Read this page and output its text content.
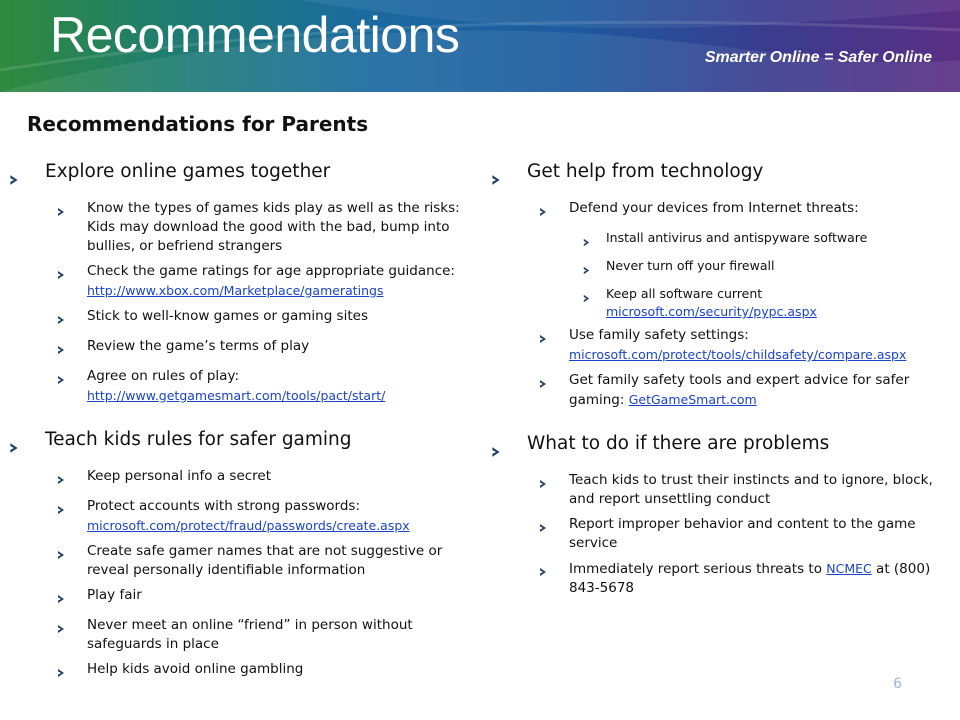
Recommendations	Smarter Online = Safer Online
Recommendations for Parents
Explore online games together
Know the types of games kids play as well as the risks: Kids may download the good with the bad, bump into bullies, or befriend strangers
Check the game ratings for age appropriate guidance:
http://www.xbox.com/Marketplace/gameratings
Stick to well-know games or gaming sites
Review the game’s terms of play
Agree on rules of play:
http://www.getgamesmart.com/tools/pact/start/
Teach kids rules for safer gaming
Keep personal info a secret
Protect accounts with strong passwords:
microsoft.com/protect/fraud/passwords/create.aspx
Create safe gamer names that are not suggestive or reveal personally identifiable information
Play fair
Never meet an online “friend” in person without safeguards in place
Help kids avoid online gambling
Get help from technology
Defend your devices from Internet threats:
Install antivirus and antispyware software
Never turn off your firewall
Keep all software current
microsoft.com/security/pypc.aspx
Use family safety settings:
microsoft.com/protect/tools/childsafety/compare.aspx
Get family safety tools and expert advice for safer gaming: GetGameSmart.com
What to do if there are problems
Teach kids to trust their instincts and to ignore, block, and report unsettling conduct
Report improper behavior and content to the game service
Immediately report serious threats to NCMEC at (800) 843-5678
6
